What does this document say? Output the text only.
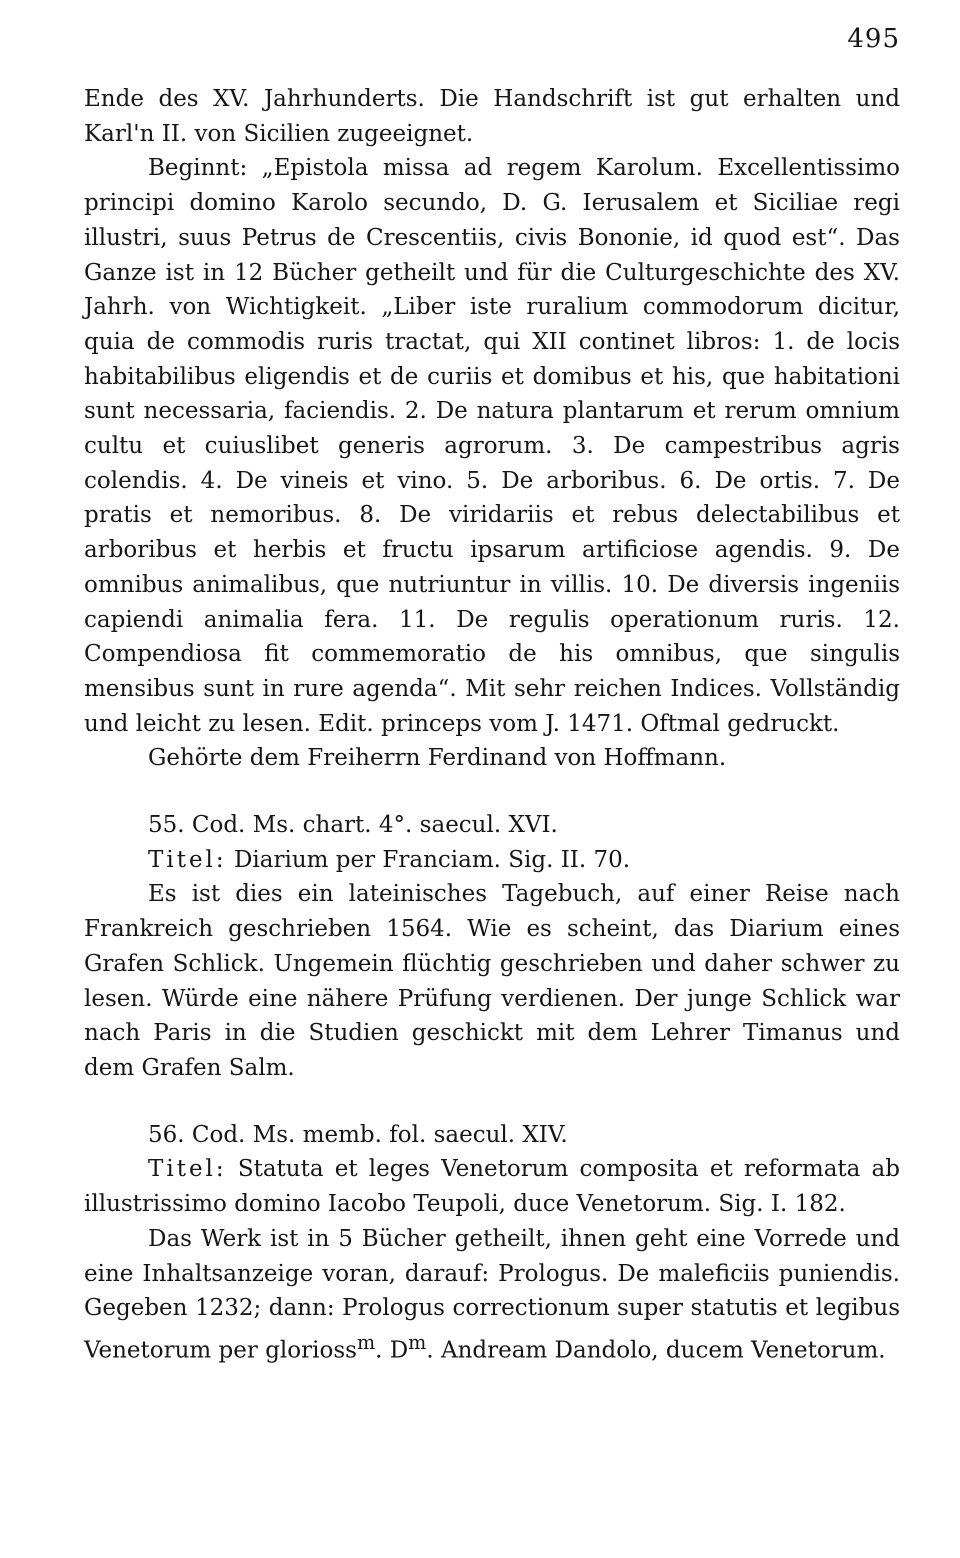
495

Ende des XV. Jahrhunderts. Die Handschrift ist gut erhalten und Karl'n II. von Sicilien zugeeignet.

Beginnt: „Epistola missa ad regem Karolum. Excellentissimo principi domino Karolo secundo, D. G. Ierusalem et Siciliae regi illustri, suus Petrus de Crescentiis, civis Bononie, id quod est“. Das Ganze ist in 12 Bücher getheilt und für die Culturgeschichte des XV. Jahrh. von Wichtigkeit. „Liber iste ruralium commodorum dicitur, quia de commodis ruris tractat, qui XII continet libros: 1. de locis habitabilibus eligendis et de curiis et domibus et his, que habitationi sunt necessaria, faciendis. 2. De natura plantarum et rerum omnium cultu et cuiuslibet generis agrorum. 3. De campestribus agris colendis. 4. De vineis et vino. 5. De arboribus. 6. De ortis. 7. De pratis et nemoribus. 8. De viridariis et rebus delectabilibus et arboribus et herbis et fructu ipsarum artificiose agendis. 9. De omnibus animalibus, que nutriuntur in villis. 10. De diversis ingeniis capiendi animalia fera. 11. De regulis operationum ruris. 12. Compendiosa fit commemoratio de his omnibus, que singulis mensibus sunt in rure agenda“. Mit sehr reichen Indices. Vollständig und leicht zu lesen. Edit. princeps vom J. 1471. Oftmal gedruckt.

Gehörte dem Freiherrn Ferdinand von Hoffmann.

55. Cod. Ms. chart. 4°. saecul. XVI.

Titel: Diarium per Franciam. Sig. II. 70.

Es ist dies ein lateinisches Tagebuch, auf einer Reise nach Frankreich geschrieben 1564. Wie es scheint, das Diarium eines Grafen Schlick. Ungemein flüchtig geschrieben und daher schwer zu lesen. Würde eine nähere Prüfung verdienen. Der junge Schlick war nach Paris in die Studien geschickt mit dem Lehrer Timanus und dem Grafen Salm.

56. Cod. Ms. memb. fol. saecul. XIV.

Titel: Statuta et leges Venetorum composita et reformata ab illustrissimo domino Iacobo Teupoli, duce Venetorum. Sig. I. 182.

Das Werk ist in 5 Bücher getheilt, ihnen geht eine Vorrede und eine Inhaltsanzeige voran, darauf: Prologus. De maleficiis puniendis. Gegeben 1232; dann: Prologus correctionum super statutis et legibus Venetorum per glorioss$^m$. $D^m$. Andream Dandolo, ducem Venetorum.
